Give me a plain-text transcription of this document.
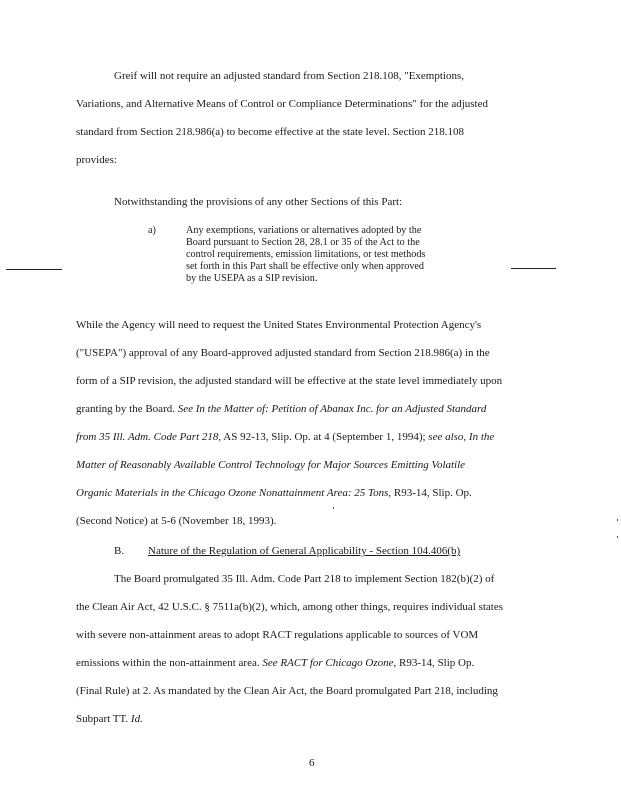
Greif will not require an adjusted standard from Section 218.108, "Exemptions,
Variations, and Alternative Means of Control or Compliance Determinations" for the adjusted
standard from Section 218.986(a) to become effective at the state level. Section 218.108
provides:
Notwithstanding the provisions of any other Sections of this Part:
a)	Any exemptions, variations or alternatives adopted by the
Board pursuant to Section 28, 28.1 or 35 of the Act to the
control requirements, emission limitations, or test methods
set forth in this Part shall be effective only when approved
by the USEPA as a SIP revision.
While the Agency will need to request the United States Environmental Protection Agency's
("USEPA") approval of any Board-approved adjusted standard from Section 218.986(a) in the
form of a SIP revision, the adjusted standard will be effective at the state level immediately upon
granting by the Board. See In the Matter of: Petition of Abanax Inc. for an Adjusted Standard
from 35 Ill. Adm. Code Part 218, AS 92-13, Slip. Op. at 4 (September 1, 1994); see also, In the
Matter of Reasonably Available Control Technology for Major Sources Emitting Volatile
Organic Materials in the Chicago Ozone Nonattainment Area: 25 Tons, R93-14, Slip. Op.
(Second Notice) at 5-6 (November 18, 1993).
B. Nature of the Regulation of General Applicability - Section 104.406(b)
The Board promulgated 35 Ill. Adm. Code Part 218 to implement Section 182(b)(2) of
the Clean Air Act, 42 U.S.C. § 7511a(b)(2), which, among other things, requires individual states
with severe non-attainment areas to adopt RACT regulations applicable to sources of VOM
emissions within the non-attainment area. See RACT for Chicago Ozone, R93-14, Slip Op.
(Final Rule) at 2. As mandated by the Clean Air Act, the Board promulgated Part 218, including
Subpart TT. Id.
6
